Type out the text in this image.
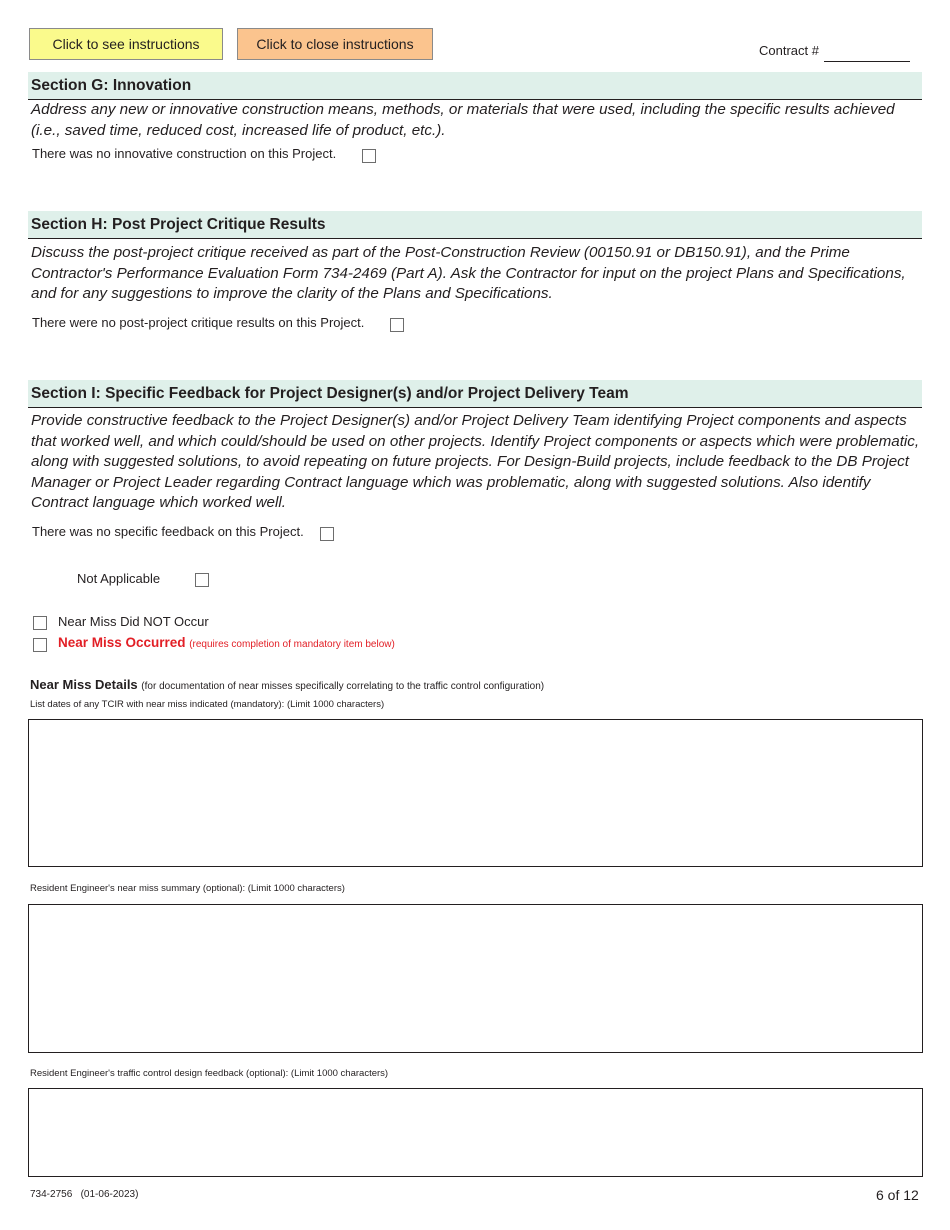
Click to see instructions	Click to close instructions	Contract #
Section G: Innovation
Address any new or innovative construction means, methods, or materials that were used, including the specific results achieved (i.e., saved time, reduced cost, increased life of product, etc.).
There was no innovative construction on this Project.
Section H: Post Project Critique Results
Discuss the post-project critique received as part of the Post-Construction Review (00150.91 or DB150.91), and the Prime Contractor's Performance Evaluation Form 734-2469 (Part A). Ask the Contractor for input on the project Plans and Specifications, and for any suggestions to improve the clarity of the Plans and Specifications.
There were no post-project critique results on this Project.
Section I: Specific Feedback for Project Designer(s) and/or Project Delivery Team
Provide constructive feedback to the Project Designer(s) and/or Project Delivery Team identifying Project components and aspects that worked well, and which could/should be used on other projects. Identify Project components or aspects which were problematic, along with suggested solutions, to avoid repeating on future projects. For Design-Build projects, include feedback to the DB Project Manager or Project Leader regarding Contract language which was problematic, along with suggested solutions. Also identify Contract language which worked well.
There was no specific feedback on this Project.
Not Applicable
Near Miss Did NOT Occur
Near Miss Occurred (requires completion of mandatory item below)
Near Miss Details (for documentation of near misses specifically correlating to the traffic control configuration)
List dates of any TCIR with near miss indicated (mandatory): (Limit 1000 characters)
Resident Engineer's near miss summary (optional): (Limit 1000 characters)
Resident Engineer's traffic control design feedback (optional): (Limit 1000 characters)
734-2756   (01-06-2023)	6 of 12
